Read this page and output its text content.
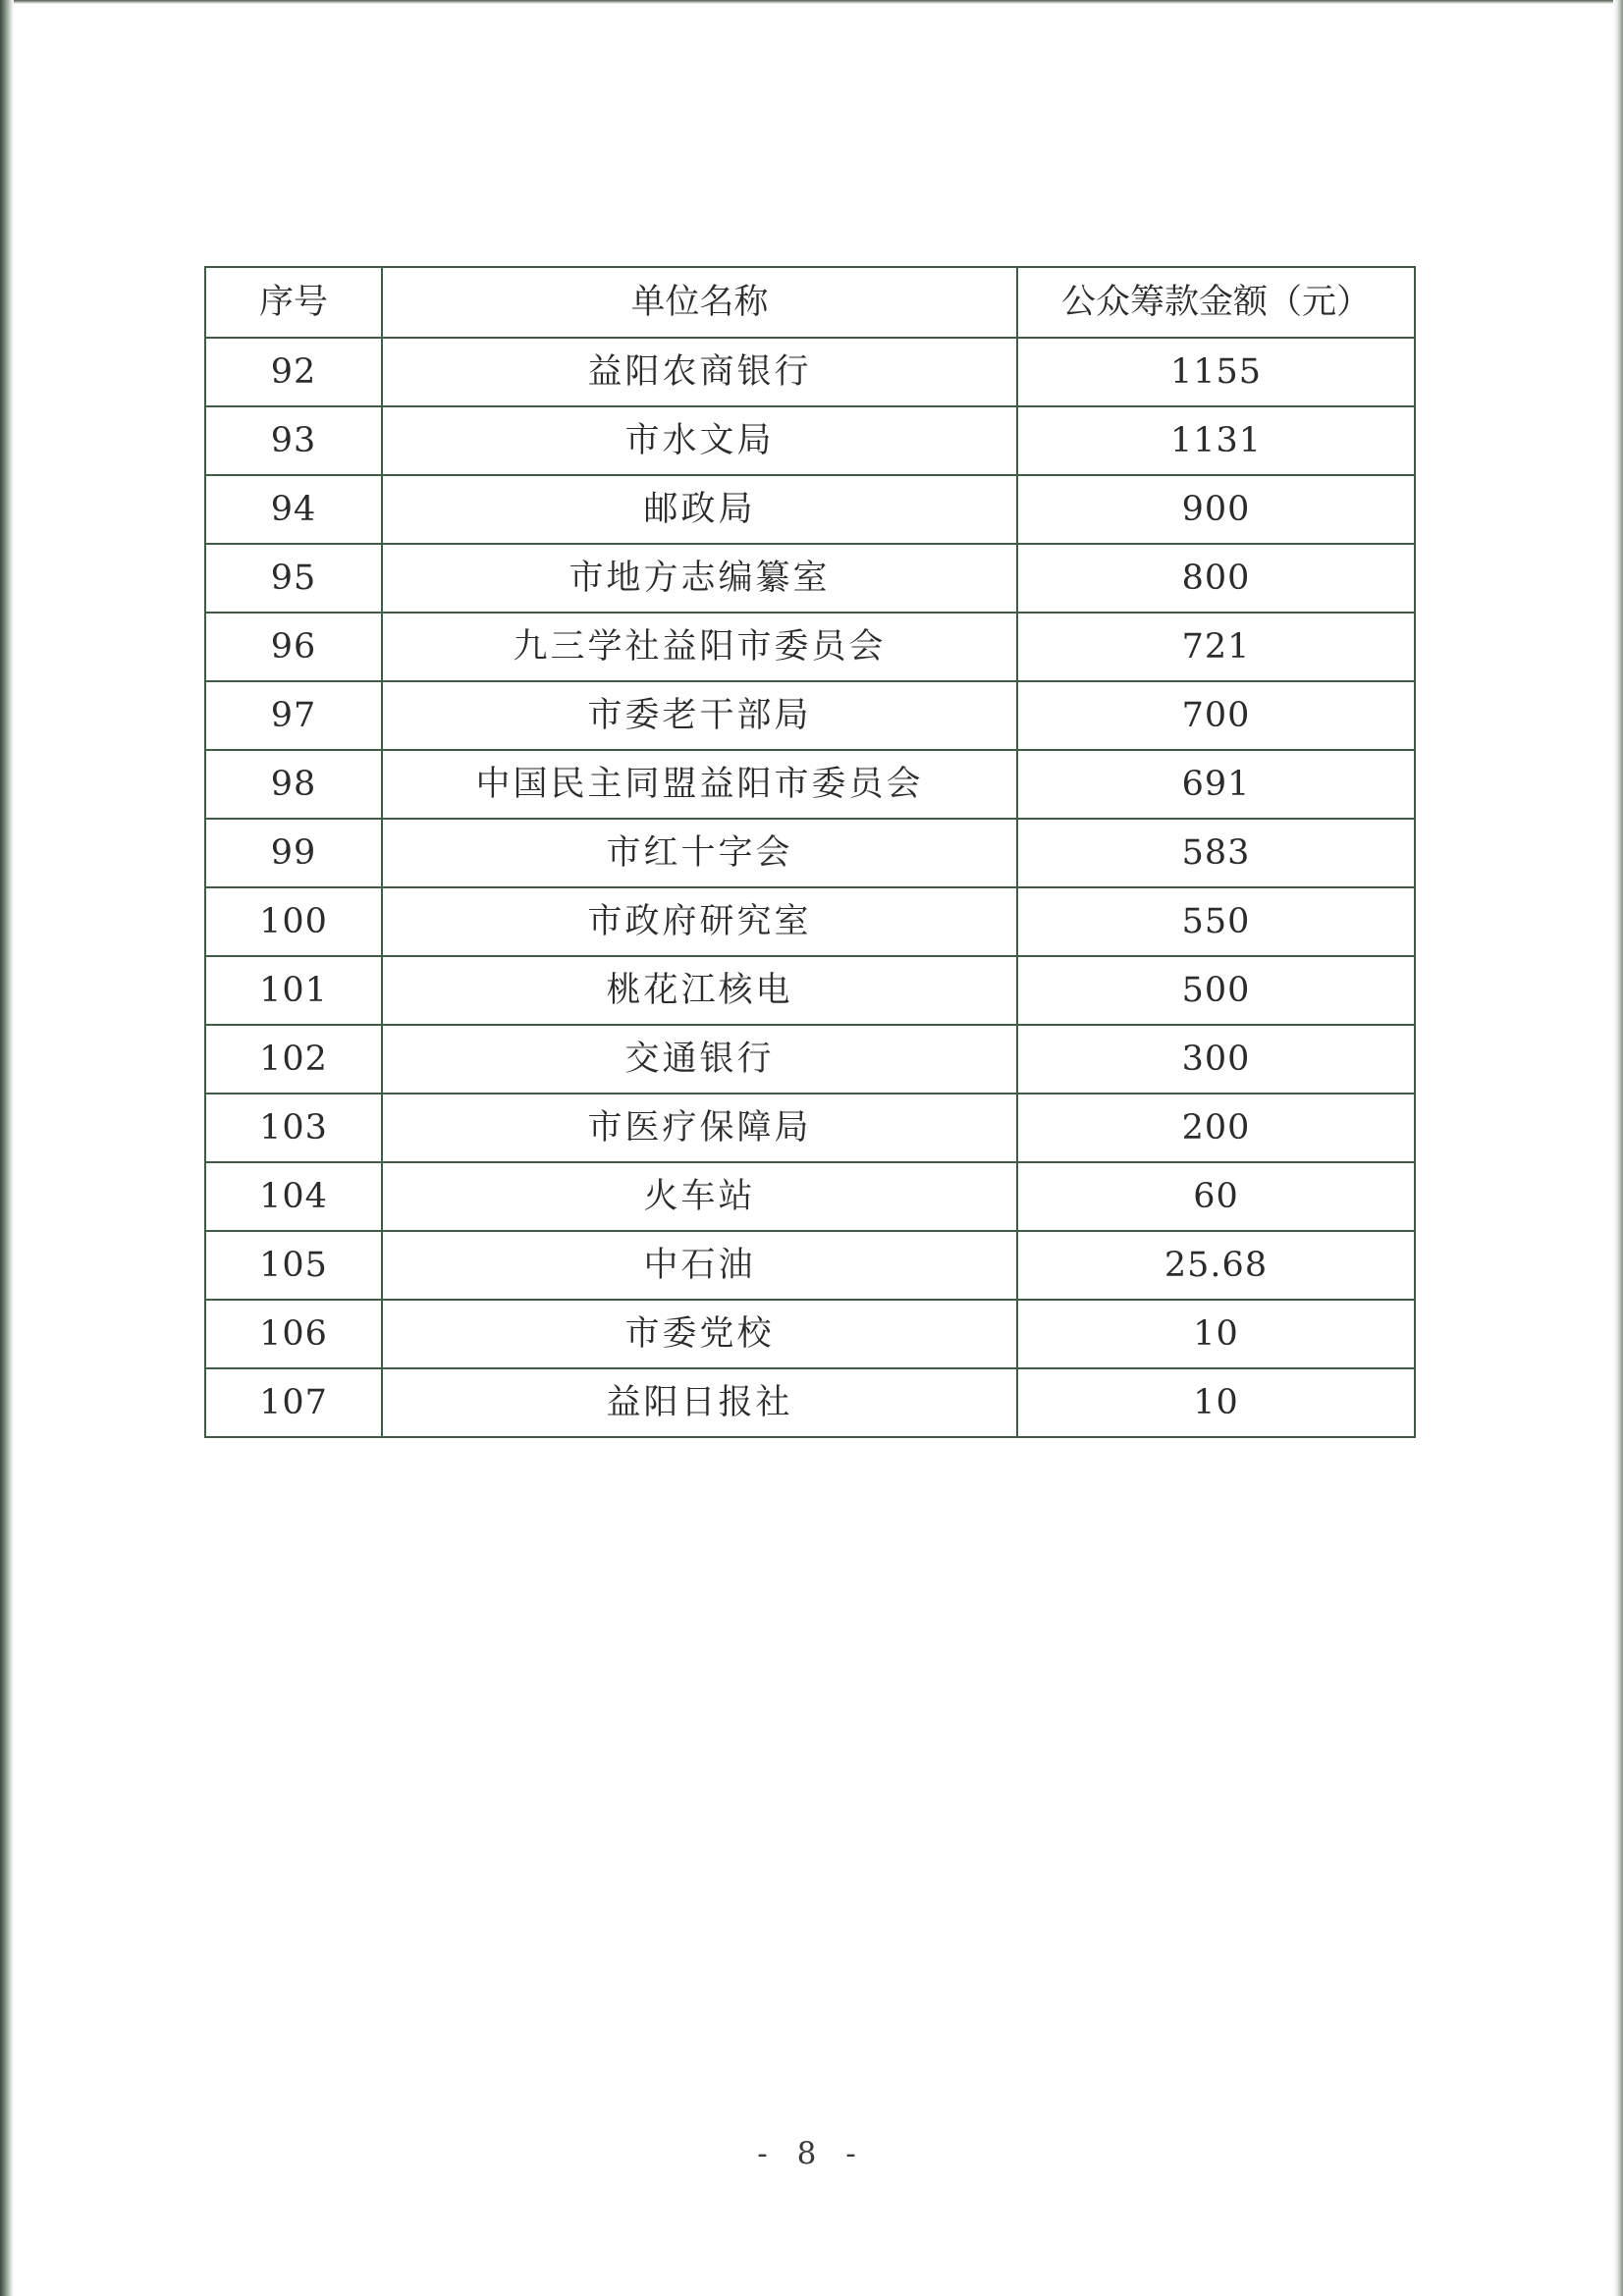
序号	单位名称	公众筹款金额（元）
92	益阳农商银行	1155
93	市水文局	1131
94	邮政局	900
95	市地方志编纂室	800
96	九三学社益阳市委员会	721
97	市委老干部局	700
98	中国民主同盟益阳市委员会	691
99	市红十字会	583
100	市政府研究室	550
101	桃花江核电	500
102	交通银行	300
103	市医疗保障局	200
104	火车站	60
105	中石油	25.68
106	市委党校	10
107	益阳日报社	10
- 8 -
